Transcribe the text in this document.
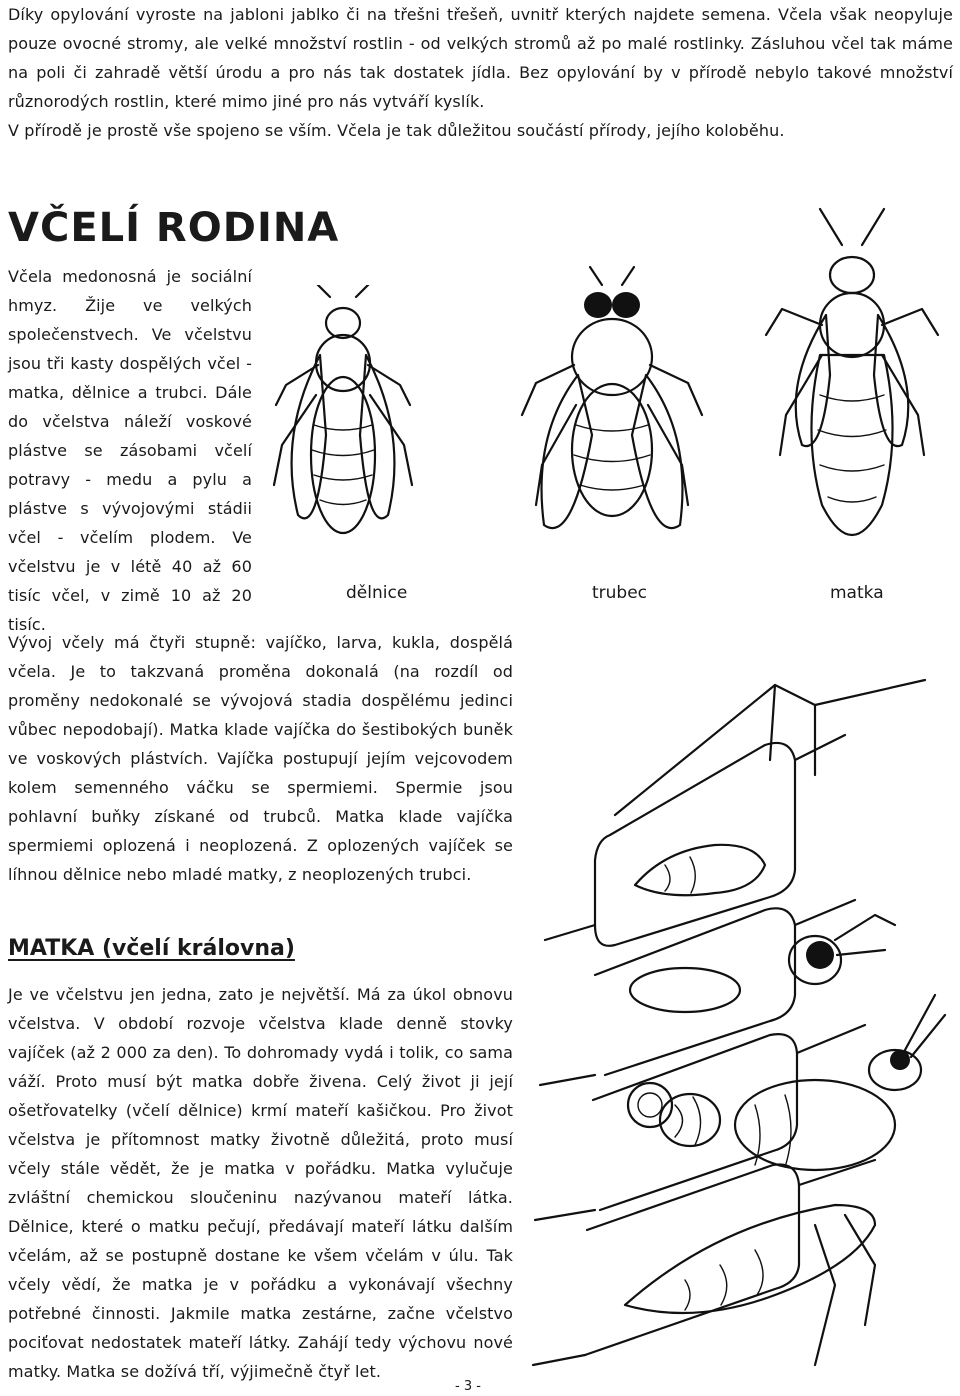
Díky opylování vyroste na jabloni jablko či na třešni třešeň, uvnitř kterých najdete semena. Včela však neopyluje pouze ovocné stromy, ale velké množství rostlin - od velkých stromů až po malé rostlinky. Zásluhou včel tak máme na poli či zahradě větší úrodu a pro nás tak dostatek jídla. Bez opylování by v přírodě nebylo takové množství různorodých rostlin, které mimo jiné pro nás vytváří kyslík.

V přírodě je prostě vše spojeno se vším. Včela je tak důležitou součástí přírody, jejího koloběhu.

VČELÍ RODINA
Včela medonosná je sociální hmyz. Žije ve velkých společenstvech. Ve včelstvu jsou tři kasty dospělých včel - matka, dělnice a trubci. Dále do včelstva náleží voskové plástve se zásobami včelí potravy - medu a pylu a plástve s vývojovými stádii včel - včelím plodem. Ve včelstvu je v létě 40 až 60 tisíc včel, v zimě 10 až 20 tisíc.
dělnice	trubec	matka
Vývoj včely má čtyři stupně: vajíčko, larva, kukla, dospělá včela. Je to takzvaná proměna dokonalá (na rozdíl od proměny nedokonalé se vývojová stadia dospělému jedinci vůbec nepodobají). Matka klade vajíčka do šestibokých buněk ve voskových plástvích. Vajíčka postupují jejím vejcovodem kolem semenného váčku se spermiemi. Spermie jsou pohlavní buňky získané od trubců. Matka klade vajíčka spermiemi oplozená i neoplozená. Z oplozených vajíček se líhnou dělnice nebo mladé matky, z neoplozených trubci.
MATKA (včelí královna)
Je ve včelstvu jen jedna, zato je největší. Má za úkol obnovu včelstva. V období rozvoje včelstva klade denně stovky vajíček (až 2 000 za den). To dohromady vydá i tolik, co sama váží. Proto musí být matka dobře živena. Celý život ji její ošetřovatelky (včelí dělnice) krmí mateří kašičkou. Pro život včelstva je přítomnost matky životně důležitá, proto musí včely stále vědět, že je matka v pořádku. Matka vylučuje zvláštní chemickou sloučeninu nazývanou mateří látka. Dělnice, které o matku pečují, předávají mateří látku dalším včelám, až se postupně dostane ke všem včelám v úlu. Tak včely vědí, že matka je v pořádku a vykonávají všechny potřebné činnosti. Jakmile matka zestárne, začne včelstvo pociťovat nedostatek mateří látky. Zahájí tedy výchovu nové matky. Matka se dožívá tří, výjimečně čtyř let.
- 3 -
